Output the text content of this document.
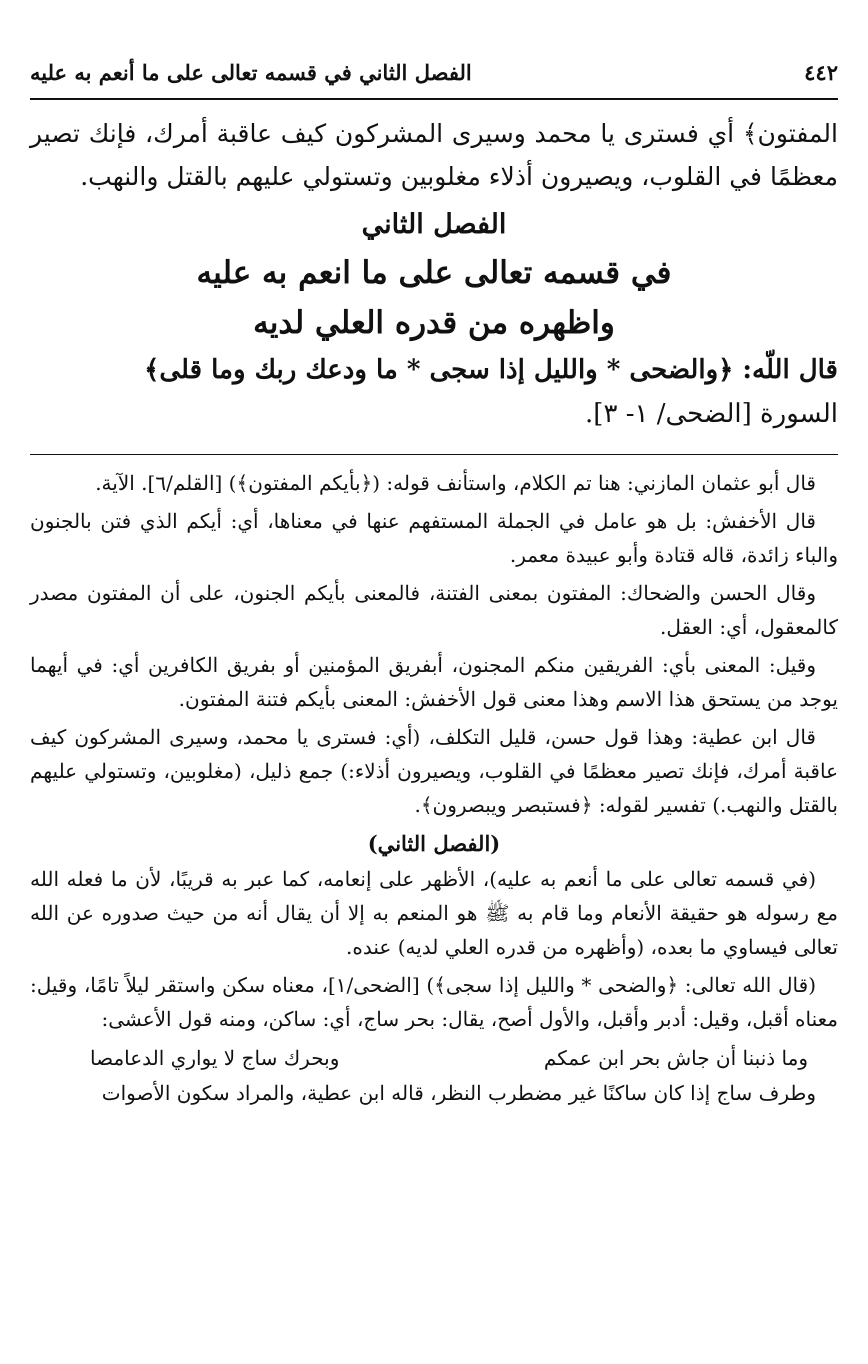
٤٤٢
الفصل الثاني في قسمه تعالى على ما أنعم به عليه

المفتون﴾ أي فسترى يا محمد وسيرى المشركون كيف عاقبة أمرك، فإنك تصير معظمًا في القلوب، ويصيرون أذلاء مغلوبين وتستولي عليهم بالقتل والنهب.

الفصل الثاني

في قسمه تعالى على ما انعم به عليه

واظهره من قدره العلي لديه

قال اللّه: ﴿والضحى * والليل إذا سجى * ما ودعك ربك وما قلى﴾

السورة [الضحى/ ١- ٣].

قال أبو عثمان المازني: هنا تم الكلام، واستأنف قوله: (﴿بأيكم المفتون﴾) [القلم/٦]. الآية.

قال الأخفش: بل هو عامل في الجملة المستفهم عنها في معناها، أي: أيكم الذي فتن بالجنون والباء زائدة، قاله قتادة وأبو عبيدة معمر.

وقال الحسن والضحاك: المفتون بمعنى الفتنة، فالمعنى بأيكم الجنون، على أن المفتون مصدر كالمعقول، أي: العقل.

وقيل: المعنى بأي: الفريقين منكم المجنون، أبفريق المؤمنين أو بفريق الكافرين أي: في أيهما يوجد من يستحق هذا الاسم وهذا معنى قول الأخفش: المعنى بأيكم فتنة المفتون.

قال ابن عطية: وهذا قول حسن، قليل التكلف، (أي: فسترى يا محمد، وسيرى المشركون كيف عاقبة أمرك، فإنك تصير معظمًا في القلوب، ويصيرون أذلاء:) جمع ذليل، (مغلوبين، وتستولي عليهم بالقتل والنهب.) تفسير لقوله: ﴿فستبصر ويبصرون﴾.

(الفصل الثاني)

(في قسمه تعالى على ما أنعم به عليه)، الأظهر على إنعامه، كما عبر به قريبًا، لأن ما فعله الله مع رسوله هو حقيقة الأنعام وما قام به ﷺ هو المنعم به إلا أن يقال أنه من حيث صدوره عن الله تعالى فيساوي ما بعده، (وأظهره من قدره العلي لديه) عنده.

(قال الله تعالى: ﴿والضحى * والليل إذا سجى﴾) [الضحى/١]، معناه سكن واستقر ليلاً تامًا، وقيل: معناه أقبل، وقيل: أدبر وأقبل، والأول أصح، يقال: بحر ساج، أي: ساكن، ومنه قول الأعشى:

وما ذنبنا أن جاش بحر ابن عمكم
وبحرك ساج لا يواري الدعامصا

وطرف ساج إذا كان ساكنًا غير مضطرب النظر، قاله ابن عطية، والمراد سكون الأصوات
